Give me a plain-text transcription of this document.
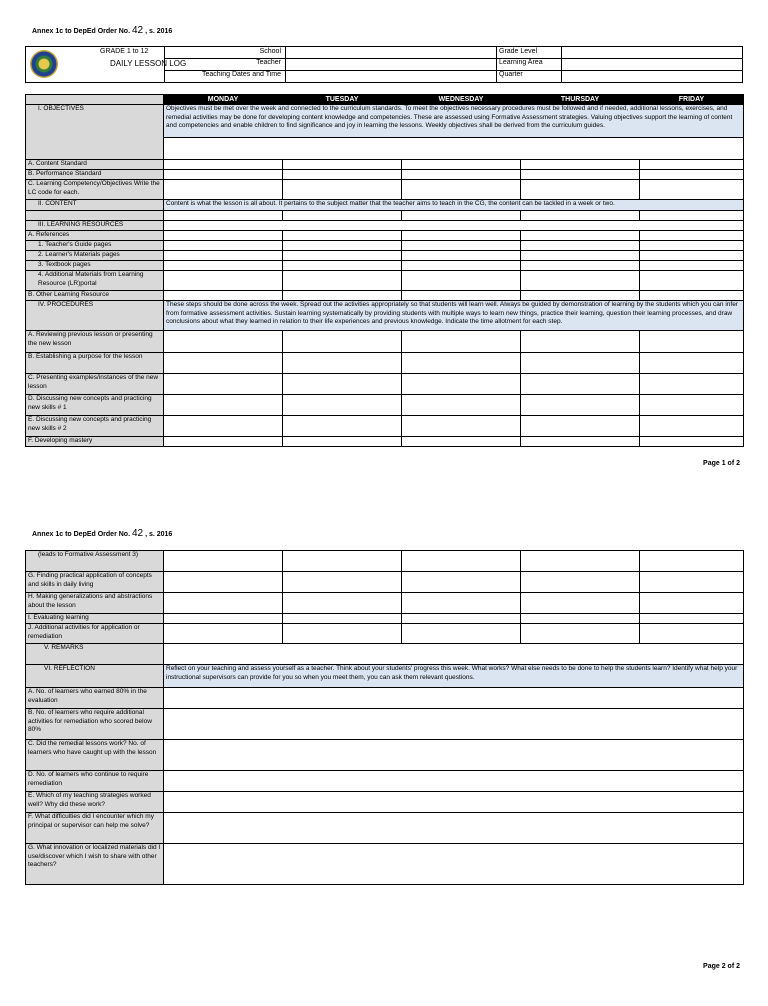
Annex 1c to DepEd Order No. 42 , s. 2016
GRADE 1 to 12
DAILY LESSON LOG
School
Teacher
Teaching Dates and Time
Grade Level
Learning Area
Quarter
	MONDAY	TUESDAY	WEDNESDAY	THURSDAY	FRIDAY
I. OBJECTIVES	Objectives must be met over the week and connected to the curriculum standards. To meet the objectives necessary procedures must be followed and if needed, additional lessons, exercises, and remedial activities may be done for developing content knowledge and competencies. These are assessed using Formative Assessment strategies. Valuing objectives support the learning of content and competencies and enable children to find significance and joy in learning the lessons. Weekly objectives shall be derived from the curriculum guides.				

A. Content Standard					
B. Performance Standard					
C. Learning Competency/Objectives Write the LC code for each.					
II. CONTENT	Content is what the lesson is all about. It pertains to the subject matter that the teacher aims to teach in the CG, the content can be tackled in a week or two.				

III. LEARNING RESOURCES					
A. References					
1. Teacher's Guide pages					
2. Learner's Materials pages					
3. Textbook pages					
4. Additional Materials from Learning Resource (LR)portal					
B. Other Learning Resource					
IV. PROCEDURES	These steps should be done across the week. Spread out the activities appropriately so that students will learn well. Always be guided by demonstration of learning by the students which you can infer from formative assessment activities. Sustain learning systematically by providing students with multiple ways to learn new things, practice their learning, question their learning processes, and draw conclusions about what they learned in relation to their life experiences and previous knowledge. Indicate the time allotment for each step.				
A. Reviewing previous lesson or presenting the new lesson					
B. Establishing a purpose for the lesson					
C. Presenting examples/instances of the new lesson					
D. Discussing new concepts and practicing new skills # 1					
E. Discussing new concepts and practicing new skills # 2					
F. Developing mastery					
Page 1 of 2
Annex 1c to DepEd Order No. 42 , s. 2016
(leads to Formative Assessment 3)					
G. Finding practical application of concepts and skills in daily living					
H. Making generalizations and abstractions about the lesson					
I. Evaluating learning					
J. Additional activities for application or remediation					
V. REMARKS					
VI. REFLECTION	Reflect on your teaching and assess yourself as a teacher. Think about your students' progress this week. What works? What else needs to be done to help the students learn? Identify what help your instructional supervisors can provide for you so when you meet them, you can ask them relevant questions.				
A. No. of learners who earned 80% in the evaluation					
B. No. of learners who require additional activities for remediation who scored below 80%					
C. Did the remedial lessons work? No. of learners who have caught up with the lesson					
D. No. of learners who continue to require remediation					
E. Which of my teaching strategies worked well? Why did these work?					
F. What difficulties did I encounter which my principal or supervisor can help me solve?					
G. What innovation or localized materials did I use/discover which I wish to share with other teachers?					
Page 2 of 2
